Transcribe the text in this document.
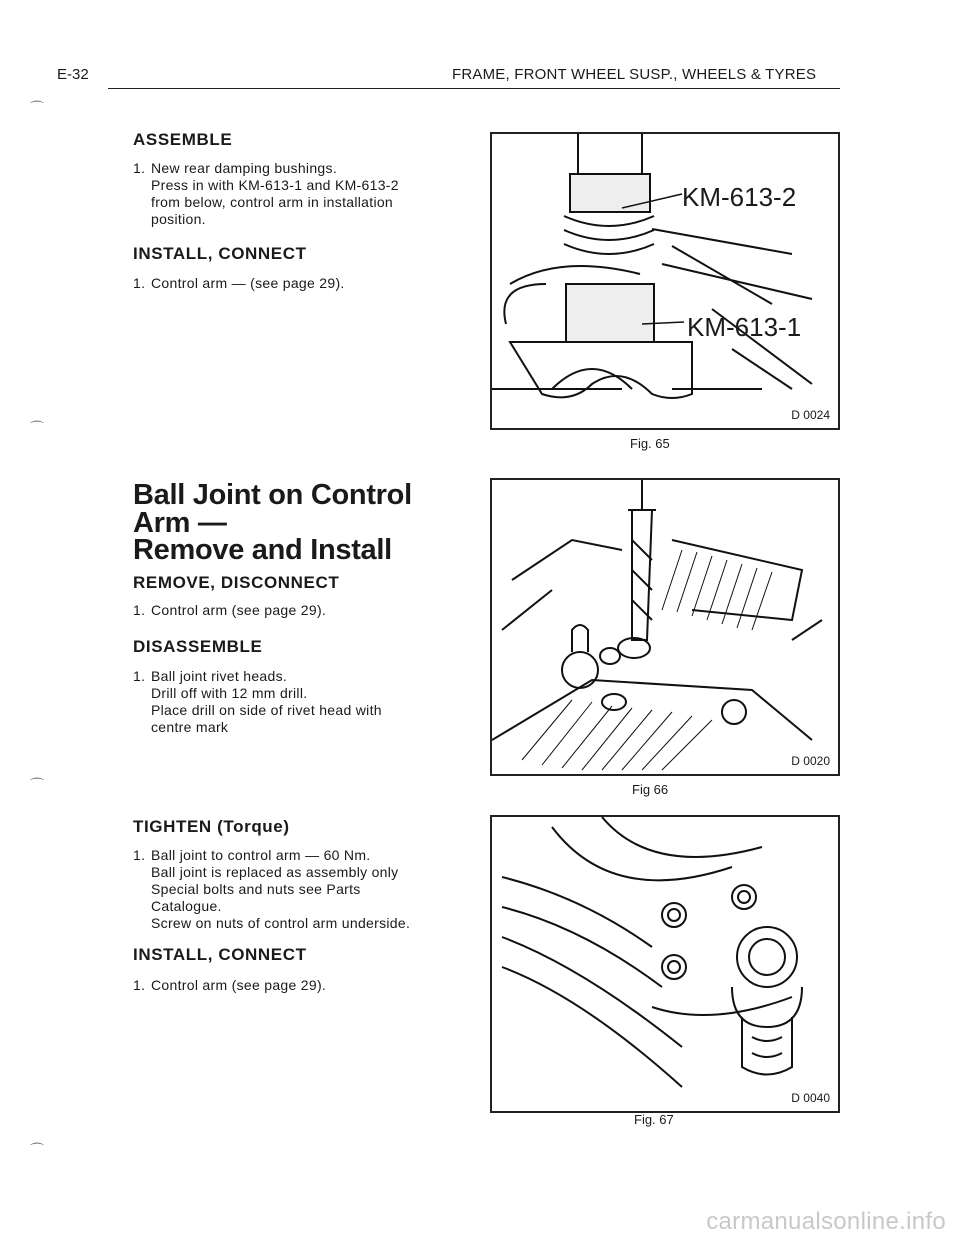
E-32	FRAME, FRONT WHEEL SUSP., WHEELS & TYRES
⌒
⌒
⌒
⌒
ASSEMBLE
1. New rear damping bushings.
Press in with KM-613-1 and KM-613-2
from below, control arm in installation
position.
INSTALL, CONNECT
1. Control arm — (see page 29).
Ball Joint on Control
Arm —
Remove and Install
REMOVE, DISCONNECT
1. Control arm (see page 29).
DISASSEMBLE
1. Ball joint rivet heads.
Drill off with 12 mm drill.
Place drill on side of rivet head with
centre mark
TIGHTEN (Torque)
1. Ball joint to control arm — 60 Nm.
Ball joint is replaced as assembly only
Special bolts and nuts see Parts
Catalogue.
Screw on nuts of control arm underside.
INSTALL, CONNECT
1. Control arm (see page 29).
KM-613-2
KM-613-1
D 0024
Fig. 65
D 0020
Fig 66
D 0040
Fig. 67
carmanualsonline.info
